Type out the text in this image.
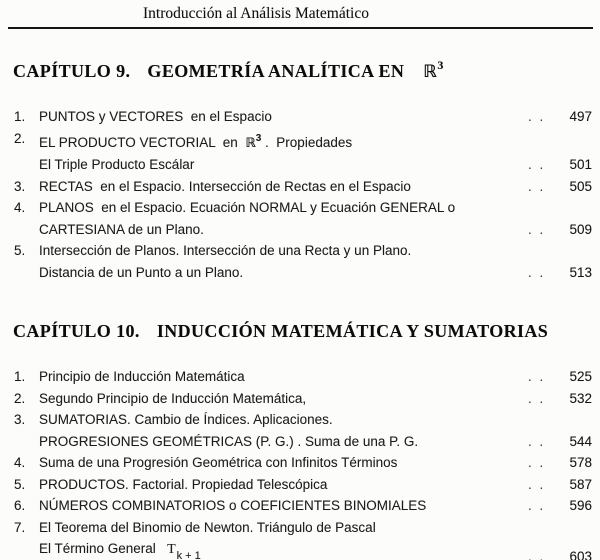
Introducción al Análisis Matemático
CAPÍTULO 9. GEOMETRÍA ANALÍTICA EN ℝ$^3$
1.	PUNTOS y VECTORES  en el Espacio	. . 497
2.	EL PRODUCTO VECTORIAL  en  ℝ$^3$ .  Propiedades
El Triple Producto Escálar	. . 501
3.	RECTAS  en el Espacio. Intersección de Rectas en el Espacio	. . 505
4.	PLANOS  en el Espacio. Ecuación NORMAL y Ecuación GENERAL o
CARTESIANA de un Plano.	. . 509
5.	Intersección de Planos. Intersección de una Recta y un Plano.
Distancia de un Punto a un Plano.	. . 513
CAPÍTULO 10. INDUCCIÓN MATEMÁTICA Y SUMATORIAS
1.	Principio de Inducción Matemática	. . 525
2.	Segundo Principio de Inducción Matemática,	. . 532
3.	SUMATORIAS. Cambio de Índices. Aplicaciones.
PROGRESIONES GEOMÉTRICAS (P. G.) . Suma de una P. G.	. . 544
4.	Suma de una Progresión Geométrica con Infinitos Términos	. . 578
5.	PRODUCTOS. Factorial. Propiedad Telescópica	. . 587
6.	NÚMEROS COMBINATORIOS o COEFICIENTES BINOMIALES	. . 596
7.	El Teorema del Binomio de Newton. Triángulo de Pascal
El Término General   $T_{k + 1}$	. . 603
